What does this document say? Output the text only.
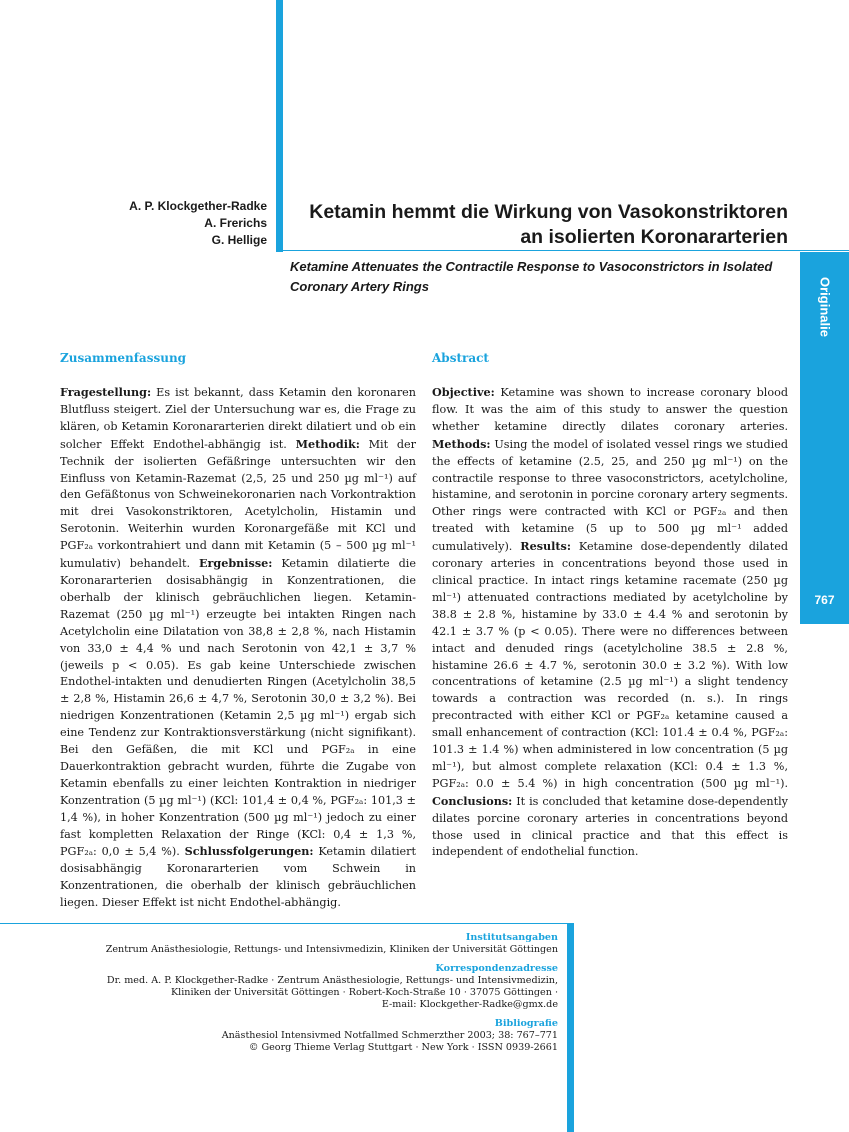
A. P. Klockgether-Radke
A. Frerichs
G. Hellige
Ketamin hemmt die Wirkung von Vasokonstriktoren
an isolierten Koronararterien
Ketamine Attenuates the Contractile Response to Vasoconstrictors in Isolated
Coronary Artery Rings	Originalie
767
Zusammenfassung	Abstract
Fragestellung: Es ist bekannt, dass Ketamin den koronaren Blutfluss steigert. Ziel der Untersuchung war es, die Frage zu klären, ob Ketamin Koronararterien direkt dilatiert und ob ein solcher Effekt Endothel-abhängig ist. Methodik: Mit der Technik der isolierten Gefäßringe untersuchten wir den Einfluss von Ketamin-Razemat (2,5, 25 und 250 µg ml⁻¹) auf den Gefäßtonus von Schweinekoronarien nach Vorkontraktion mit drei Vasokonstriktoren, Acetylcholin, Histamin und Serotonin. Weiterhin wurden Koronargefäße mit KCl und PGF₂ₐ vorkontrahiert und dann mit Ketamin (5 – 500 µg ml⁻¹ kumulativ) behandelt. Ergebnisse: Ketamin dilatierte die Koronararterien dosisabhängig in Konzentrationen, die oberhalb der klinisch gebräuchlichen liegen. Ketamin-Razemat (250 µg ml⁻¹) erzeugte bei intakten Ringen nach Acetylcholin eine Dilatation von 38,8 ± 2,8 %, nach Histamin von 33,0 ± 4,4 % und nach Serotonin von 42,1 ± 3,7 % (jeweils p < 0.05). Es gab keine Unterschiede zwischen Endothel-intakten und denudierten Ringen (Acetylcholin 38,5 ± 2,8 %, Histamin 26,6 ± 4,7 %, Serotonin 30,0 ± 3,2 %). Bei niedrigen Konzentrationen (Ketamin 2,5 µg ml⁻¹) ergab sich eine Tendenz zur Kontraktionsverstärkung (nicht signifikant). Bei den Gefäßen, die mit KCl und PGF₂ₐ in eine Dauerkontraktion gebracht wurden, führte die Zugabe von Ketamin ebenfalls zu einer leichten Kontraktion in niedriger Konzentration (5 µg ml⁻¹) (KCl: 101,4 ± 0,4 %, PGF₂ₐ: 101,3 ± 1,4 %), in hoher Konzentration (500 µg ml⁻¹) jedoch zu einer fast kompletten Relaxation der Ringe (KCl: 0,4 ± 1,3 %, PGF₂ₐ: 0,0 ± 5,4 %). Schlussfolgerungen: Ketamin dilatiert dosisabhängig Koronararterien vom Schwein in Konzentrationen, die oberhalb der klinisch gebräuchlichen liegen. Dieser Effekt ist nicht Endothel-abhängig.
Objective: Ketamine was shown to increase coronary blood flow. It was the aim of this study to answer the question whether ketamine directly dilates coronary arteries. Methods: Using the model of isolated vessel rings we studied the effects of ketamine (2.5, 25, and 250 µg ml⁻¹) on the contractile response to three vasoconstrictors, acetylcholine, histamine, and serotonin in porcine coronary artery segments. Other rings were contracted with KCl or PGF₂ₐ and then treated with ketamine (5 up to 500 µg ml⁻¹ added cumulatively). Results: Ketamine dose-dependently dilated coronary arteries in concentrations beyond those used in clinical practice. In intact rings ketamine racemate (250 µg ml⁻¹) attenuated contractions mediated by acetylcholine by 38.8 ± 2.8 %, histamine by 33.0 ± 4.4 % and serotonin by 42.1 ± 3.7 % (p < 0.05). There were no differences between intact and denuded rings (acetylcholine 38.5 ± 2.8 %, histamine 26.6 ± 4.7 %, serotonin 30.0 ± 3.2 %). With low concentrations of ketamine (2.5 µg ml⁻¹) a slight tendency towards a contraction was recorded (n. s.). In rings precontracted with either KCl or PGF₂ₐ ketamine caused a small enhancement of contraction (KCl: 101.4 ± 0.4 %, PGF₂ₐ: 101.3 ± 1.4 %) when administered in low concentration (5 µg ml⁻¹), but almost complete relaxation (KCl: 0.4 ± 1.3 %, PGF₂ₐ: 0.0 ± 5.4 %) in high concentration (500 µg ml⁻¹). Conclusions: It is concluded that ketamine dose-dependently dilates porcine coronary arteries in concentrations beyond those used in clinical practice and that this effect is independent of endothelial function.
Institutsangaben
Zentrum Anästhesiologie, Rettungs- und Intensivmedizin, Kliniken der Universität Göttingen
Korrespondenzadresse
Dr. med. A. P. Klockgether-Radke · Zentrum Anästhesiologie, Rettungs- und Intensivmedizin,
Kliniken der Universität Göttingen · Robert-Koch-Straße 10 · 37075 Göttingen ·
E-mail: Klockgether-Radke@gmx.de
Bibliografie
Anästhesiol Intensivmed Notfallmed Schmerzther 2003; 38: 767–771
© Georg Thieme Verlag Stuttgart · New York · ISSN 0939-2661
